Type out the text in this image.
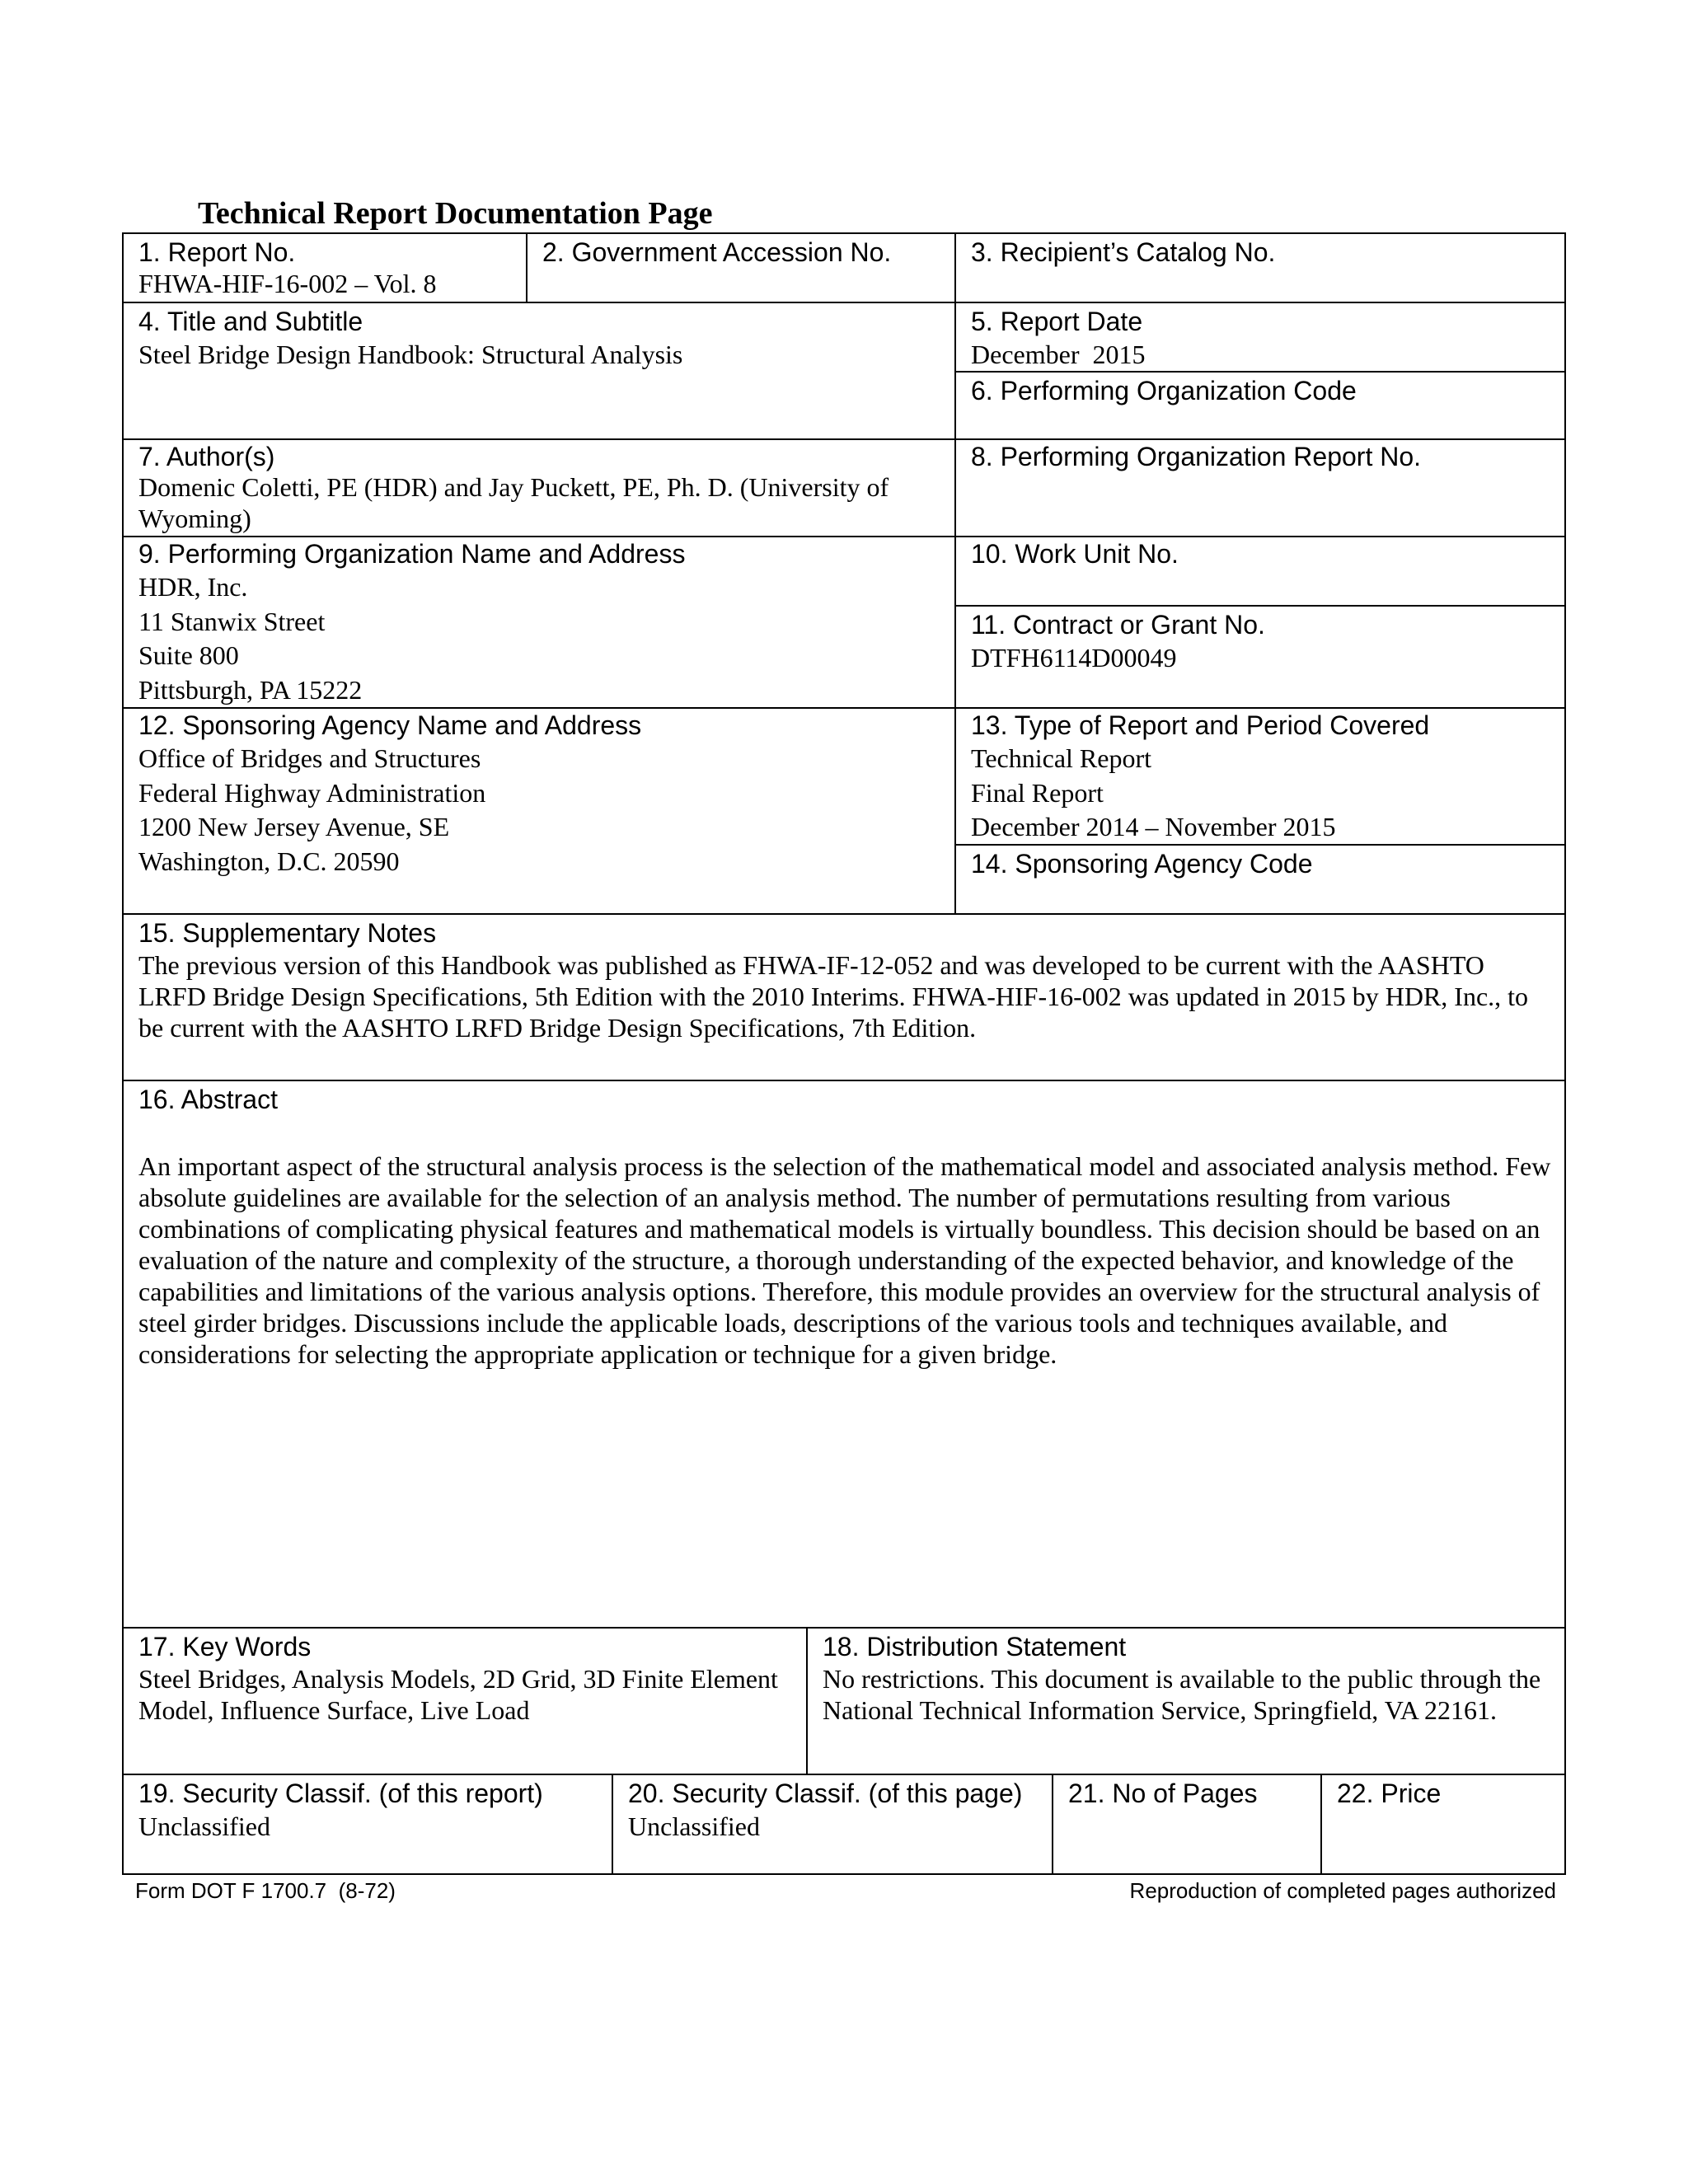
Technical Report Documentation Page
1. Report No.
FHWA-HIF-16-002 – Vol. 8
2. Government Accession No.	3. Recipient’s Catalog No.
4. Title and Subtitle
Steel Bridge Design Handbook: Structural Analysis
5. Report Date
December  2015
6. Performing Organization Code
7. Author(s)
Domenic Coletti, PE (HDR) and Jay Puckett, PE, Ph. D. (University of Wyoming)
8. Performing Organization Report No.
9. Performing Organization Name and Address
HDR, Inc.
11 Stanwix Street
Suite 800
Pittsburgh, PA 15222
10. Work Unit No.
11. Contract or Grant No.
DTFH6114D00049
12. Sponsoring Agency Name and Address
Office of Bridges and Structures
Federal Highway Administration
1200 New Jersey Avenue, SE
Washington, D.C. 20590
13. Type of Report and Period Covered
Technical Report
Final Report
December 2014 – November 2015
14. Sponsoring Agency Code
15. Supplementary Notes
The previous version of this Handbook was published as FHWA-IF-12-052 and was developed to be current with the AASHTO LRFD Bridge Design Specifications, 5th Edition with the 2010 Interims. FHWA-HIF-16-002 was updated in 2015 by HDR, Inc., to be current with the AASHTO LRFD Bridge Design Specifications, 7th Edition.
16. Abstract
An important aspect of the structural analysis process is the selection of the mathematical model and associated analysis method. Few absolute guidelines are available for the selection of an analysis method. The number of permutations resulting from various combinations of complicating physical features and mathematical models is virtually boundless. This decision should be based on an evaluation of the nature and complexity of the structure, a thorough understanding of the expected behavior, and knowledge of the capabilities and limitations of the various analysis options. Therefore, this module provides an overview for the structural analysis of steel girder bridges. Discussions include the applicable loads, descriptions of the various tools and techniques available, and considerations for selecting the appropriate application or technique for a given bridge.
17. Key Words
Steel Bridges, Analysis Models, 2D Grid, 3D Finite Element Model, Influence Surface, Live Load
18. Distribution Statement
No restrictions. This document is available to the public through the National Technical Information Service, Springfield, VA 22161.
19. Security Classif. (of this report)
Unclassified
20. Security Classif. (of this page)
Unclassified
21. No of Pages	22. Price
Form DOT F 1700.7  (8-72)	Reproduction of completed pages authorized
